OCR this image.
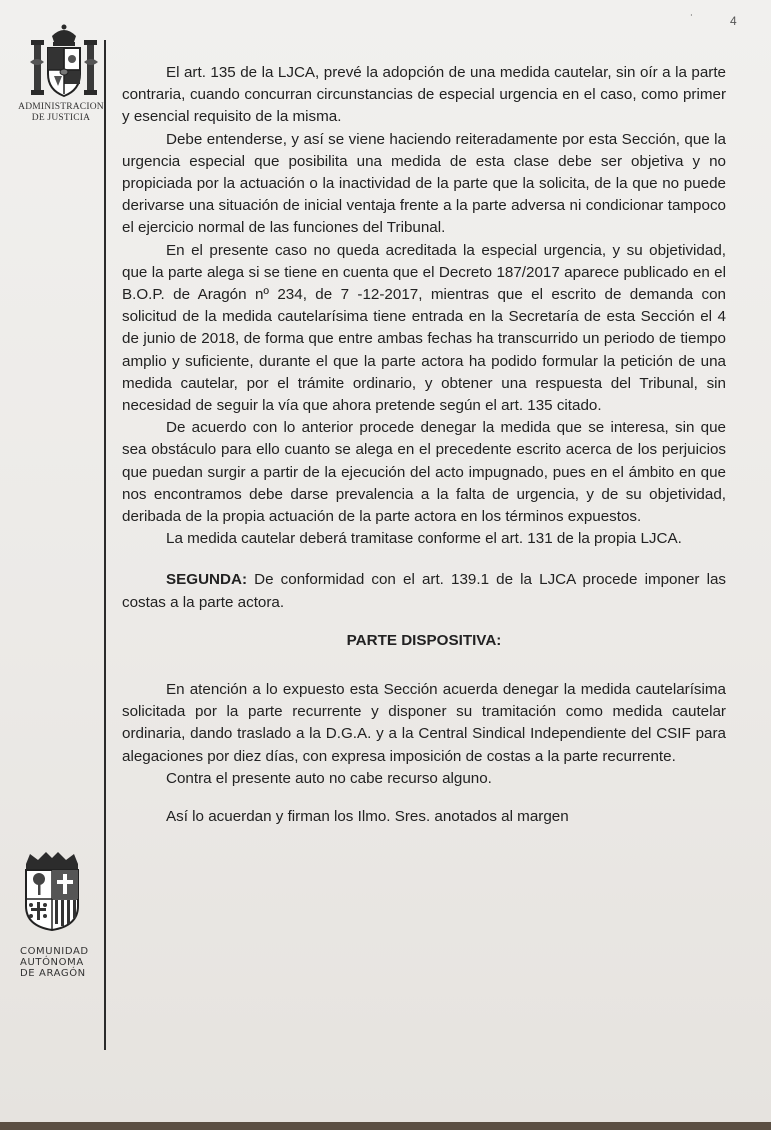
˙	4
ADMINISTRACION
DE JUSTICIA
COMUNIDAD
AUTÓNOMA
DE ARAGÓN

El art. 135 de la LJCA, prevé la adopción de una medida cautelar, sin oír a la parte contraria, cuando concurran circunstancias de especial urgencia en el caso, como primer y esencial requisito de la misma.

Debe entenderse, y así se viene haciendo reiteradamente por esta Sección, que la urgencia especial que posibilita una medida de esta clase debe ser objetiva y no propiciada por la actuación o la inactividad de la parte que la solicita, de la que no puede derivarse una situación de inicial ventaja frente a la parte adversa ni condicionar tampoco el ejercicio normal de las funciones del Tribunal.

En el presente caso no queda acreditada la especial urgencia, y su objetividad, que la parte alega si se tiene en cuenta que el Decreto 187/2017 aparece publicado en el B.O.P. de Aragón nº 234, de 7 -12-2017, mientras que el escrito de demanda con solicitud de la medida cautelarísima tiene entrada en la Secretaría de esta Sección el 4 de junio de 2018, de forma que entre ambas fechas ha transcurrido un periodo de tiempo amplio y suficiente, durante el que la parte actora ha podido formular la petición de una medida cautelar, por el trámite ordinario, y obtener una respuesta del Tribunal, sin necesidad de seguir la vía que ahora pretende según el art. 135 citado.

De acuerdo con lo anterior procede denegar la medida que se interesa, sin que sea obstáculo para ello cuanto se alega en el precedente escrito acerca de los perjuicios que puedan surgir a partir de la ejecución del acto impugnado, pues en el ámbito en que nos encontramos debe darse prevalencia a la falta de urgencia, y de su objetividad, deribada de la propia actuación de la parte actora en los términos expuestos.

La medida cautelar deberá tramitase conforme el art. 131 de la propia LJCA.

SEGUNDA: De conformidad con el art. 139.1 de la LJCA procede imponer las costas a la parte actora.

PARTE DISPOSITIVA:

En atención a lo expuesto esta Sección acuerda denegar la medida cautelarísima solicitada por la parte recurrente y disponer su tramitación como medida cautelar ordinaria, dando traslado a la D.G.A. y a la Central Sindical Independiente del CSIF para alegaciones por diez días, con expresa imposición de costas a la parte recurrente.

Contra el presente auto no cabe recurso alguno.

Así lo acuerdan y firman los Ilmo. Sres. anotados al margen
